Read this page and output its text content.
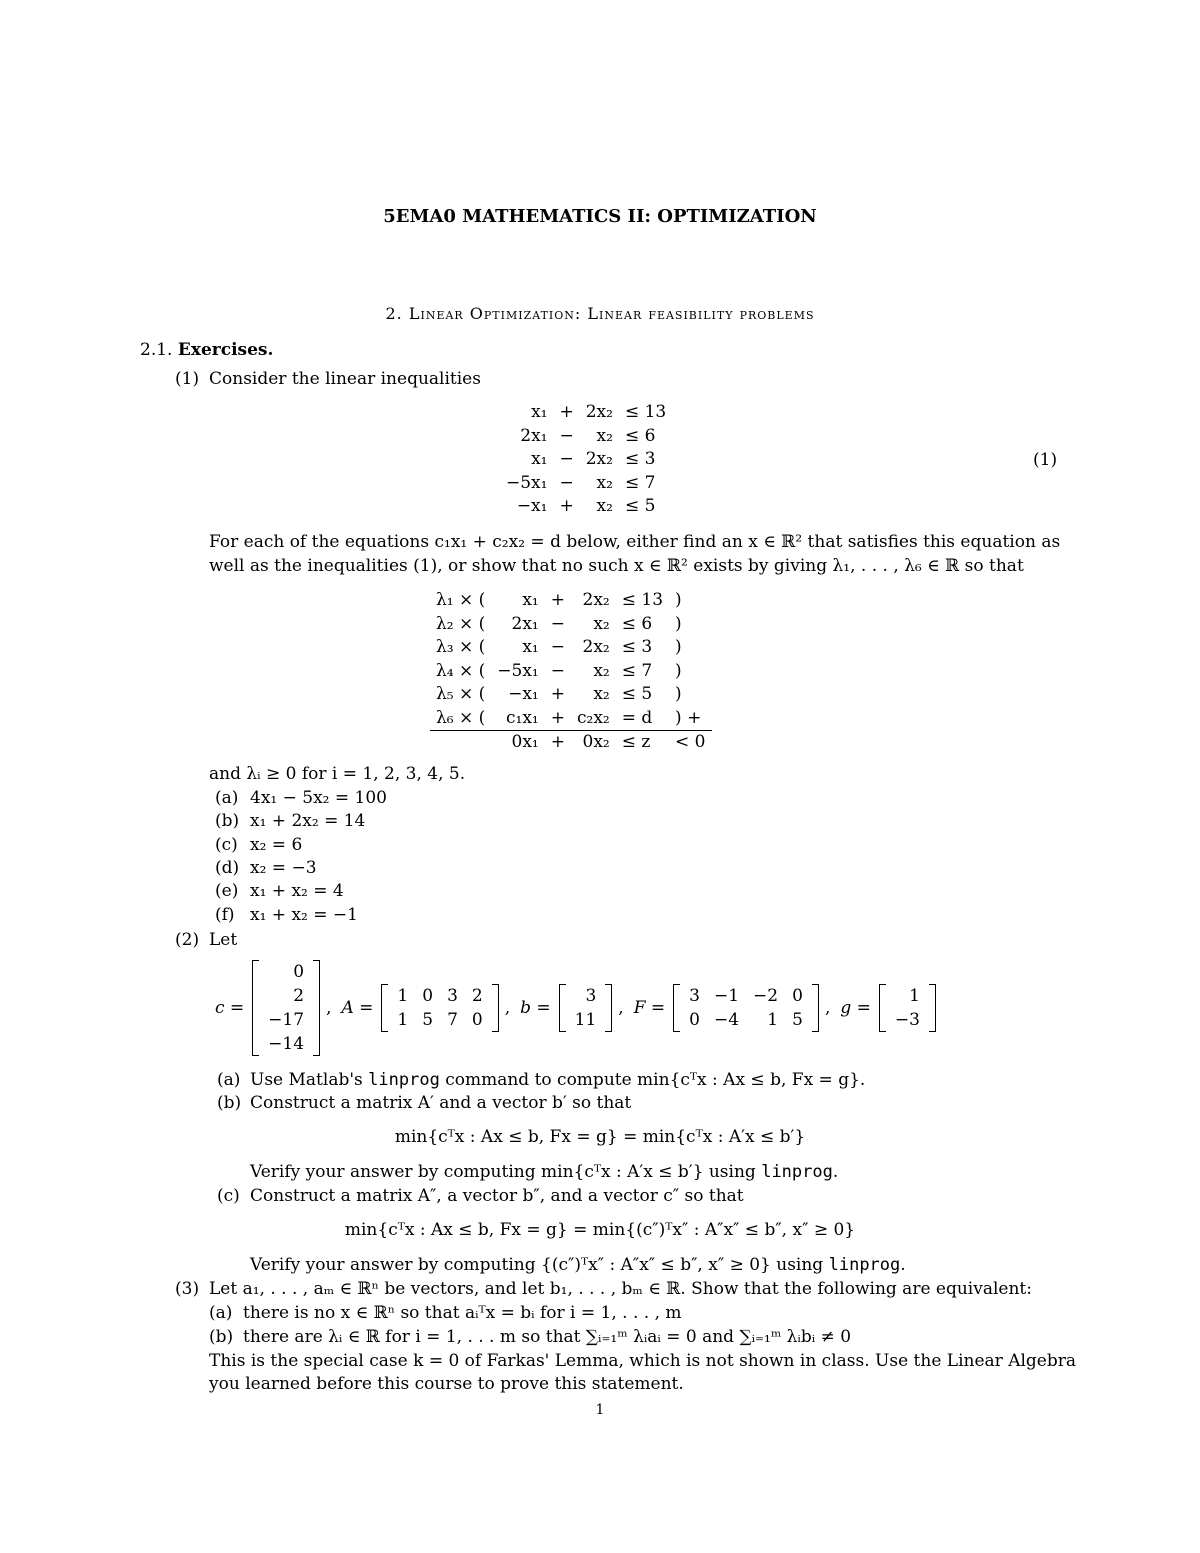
5EMA0 MATHEMATICS II: OPTIMIZATION
2. Linear Optimization: Linear feasibility problems
2.1. Exercises.
(1) Consider the linear inequalities
x₁	+	2x₂	≤ 13
2x₁	−	x₂	≤ 6
x₁	−	2x₂	≤ 3
−5x₁	−	x₂	≤ 7
−x₁	+	x₂	≤ 5
(1)
For each of the equations c₁x₁ + c₂x₂ = d below, either find an x ∈ ℝ² that satisfies this equation as
well as the inequalities (1), or show that no such x ∈ ℝ² exists by giving λ₁, . . . , λ₆ ∈ ℝ so that
λ₁ × (	x₁	+	2x₂	≤ 13	)
λ₂ × (	2x₁	−	x₂	≤ 6	)
λ₃ × (	x₁	−	2x₂	≤ 3	)
λ₄ × (	−5x₁	−	x₂	≤ 7	)
λ₅ × (	−x₁	+	x₂	≤ 5	)
λ₆ × (	c₁x₁	+	c₂x₂	= d	) +
	0x₁	+	0x₂	≤ z	< 0
and λᵢ ≥ 0 for i = 1, 2, 3, 4, 5.
(a) 4x₁ − 5x₂ = 100
(b) x₁ + 2x₂ = 14
(c) x₂ = 6
(d) x₂ = −3
(e) x₁ + x₂ = 4
(f) x₁ + x₂ = −1
(2) Let
c =
0
2
−17
−14
, A =
1	0	3	2
1	5	7	0
, b =
3
11
, F =
3	−1	−2	0
0	−4	1	5
, g =
1
−3
(a) Use Matlab's linprog command to compute min{cᵀx : Ax ≤ b, Fx = g}.
(b) Construct a matrix A′ and a vector b′ so that
min{cᵀx : Ax ≤ b, Fx = g} = min{cᵀx : A′x ≤ b′}
Verify your answer by computing min{cᵀx : A′x ≤ b′} using linprog.
(c) Construct a matrix A″, a vector b″, and a vector c″ so that
min{cᵀx : Ax ≤ b, Fx = g} = min{(c″)ᵀx″ : A″x″ ≤ b″, x″ ≥ 0}
Verify your answer by computing {(c″)ᵀx″ : A″x″ ≤ b″, x″ ≥ 0} using linprog.
(3) Let a₁, . . . , aₘ ∈ ℝⁿ be vectors, and let b₁, . . . , bₘ ∈ ℝ. Show that the following are equivalent:
(a) there is no x ∈ ℝⁿ so that aᵢᵀx = bᵢ for i = 1, . . . , m
(b) there are λᵢ ∈ ℝ for i = 1, . . . m so that ∑ᵢ₌₁ᵐ λᵢaᵢ = 0 and ∑ᵢ₌₁ᵐ λᵢbᵢ ≠ 0
This is the special case k = 0 of Farkas' Lemma, which is not shown in class. Use the Linear Algebra
you learned before this course to prove this statement.
1
